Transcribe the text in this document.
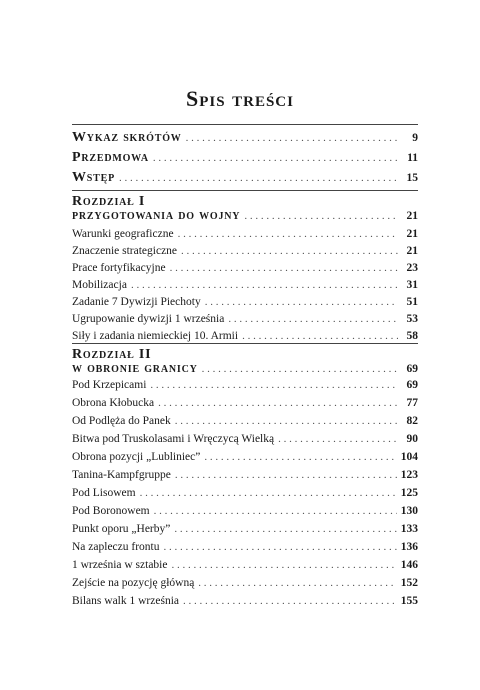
Spis treści
Wykaz skrótów . . .	9
Przedmowa . . .	11
Wstęp . . .	15
Rozdział I
przygotowania do wojny . . .	21
Warunki geograficzne . . .	21
Znaczenie strategiczne . . .	21
Prace fortyfikacyjne . . .	23
Mobilizacja . . .	31
Zadanie 7 Dywizji Piechoty . . .	51
Ugrupowanie dywizji 1 września . . .	53
Siły i zadania niemieckiej 10. Armii . . .	58
Rozdział II
w obronie granicy . . .	69
Pod Krzepicami . . .	69
Obrona Kłobucka . . .	77
Od Podlęża do Panek . . .	82
Bitwa pod Truskolasami i Wręczycą Wielką . . .	90
Obrona pozycji „Lubliniec” . . .	104
Tanina-Kampfgruppe . . .	123
Pod Lisowem . . .	125
Pod Boronowem . . .	130
Punkt oporu „Herby” . . .	133
Na zapleczu frontu . . .	136
1 września w sztabie . . .	146
Zejście na pozycję główną . . .	152
Bilans walk 1 września . . .	155
